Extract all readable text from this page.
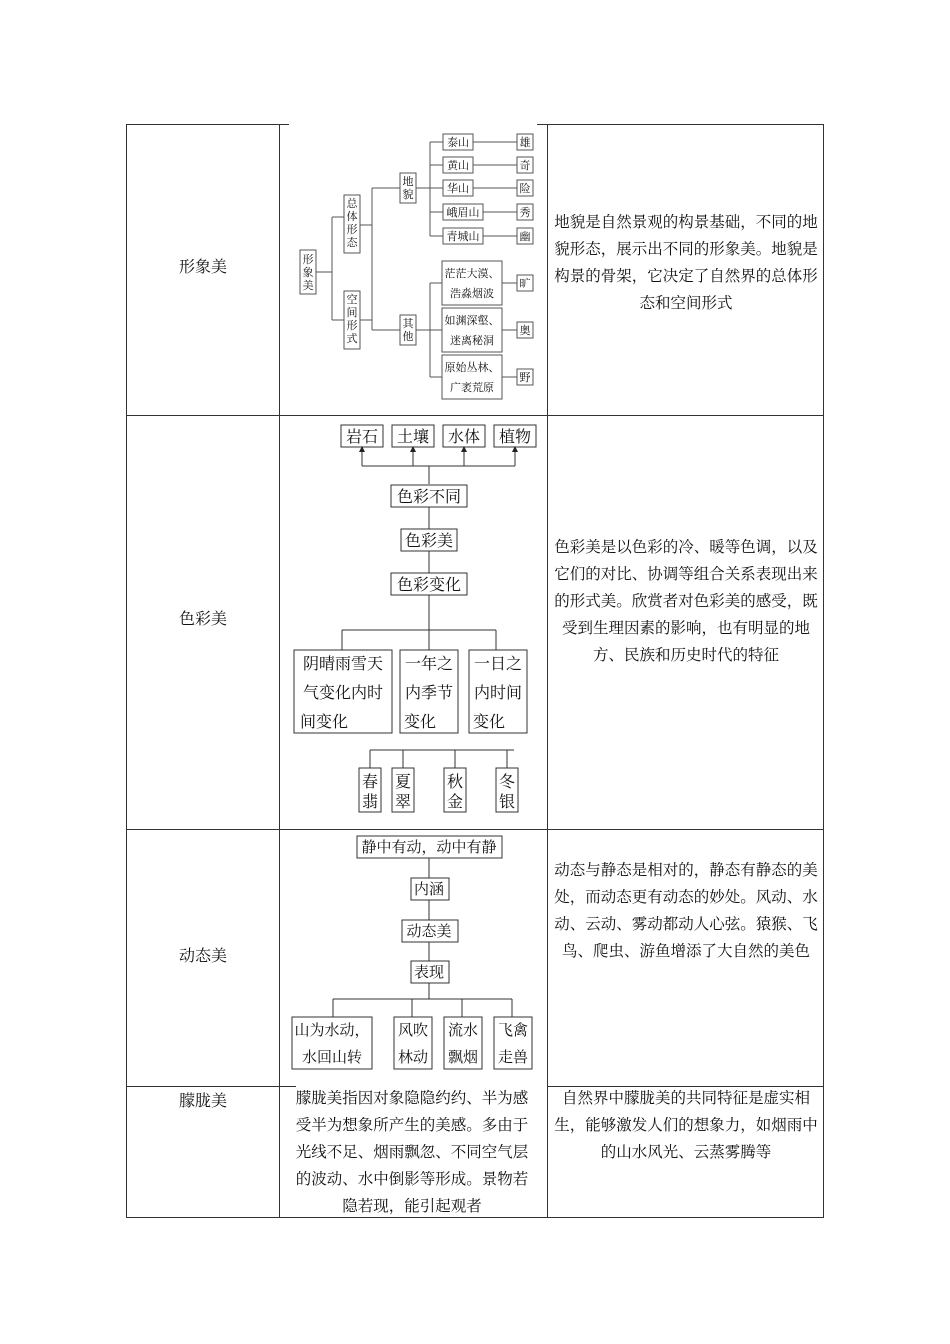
形象美
地貌是自然景观的构景基础，不同的地貌形态，展示出不同的形象美。地貌是构景的骨架，它决定了自然界的总体形态和空间形式
形象美
总体形态
空间形式
地貌
其他
泰山
黄山
华山
峨眉山
青城山
雄
奇
险
秀
幽
茫茫大漠、
浩淼烟波
如渊深壑、
迷离秘洞
原始丛林、
广袤荒原
旷
奥
野
色彩美
色彩美是以色彩的冷、暖等色调，以及它们的对比、协调等组合关系表现出来的形式美。欣赏者对色彩美的感受，既受到生理因素的影响，也有明显的地方、民族和历史时代的特征
岩石 土壤 水体 植物
色彩不同
色彩美
色彩变化
阴晴雨雪天
气变化内时
间变化
一年之
内季节
变化
一日之
内时间
变化
春
翡
夏
翠
秋
金
冬
银
动态美
动态与静态是相对的，静态有静态的美处，而动态更有动态的妙处。风动、水动、云动、雾动都动人心弦。猿猴、飞鸟、爬虫、游鱼增添了大自然的美色
静中有动，动中有静
内涵
动态美
表现
山为水动，
水回山转
风吹
林动
流水
飘烟
飞禽
走兽
朦胧美	朦胧美指因对象隐隐约约、半为感受半为想象所产生的美感。多由于光线不足、烟雨飘忽、不同空气层的波动、水中倒影等形成。景物若隐若现，能引起观者
自然界中朦胧美的共同特征是虚实相生，能够激发人们的想象力，如烟雨中的山水风光、云蒸雾腾等
